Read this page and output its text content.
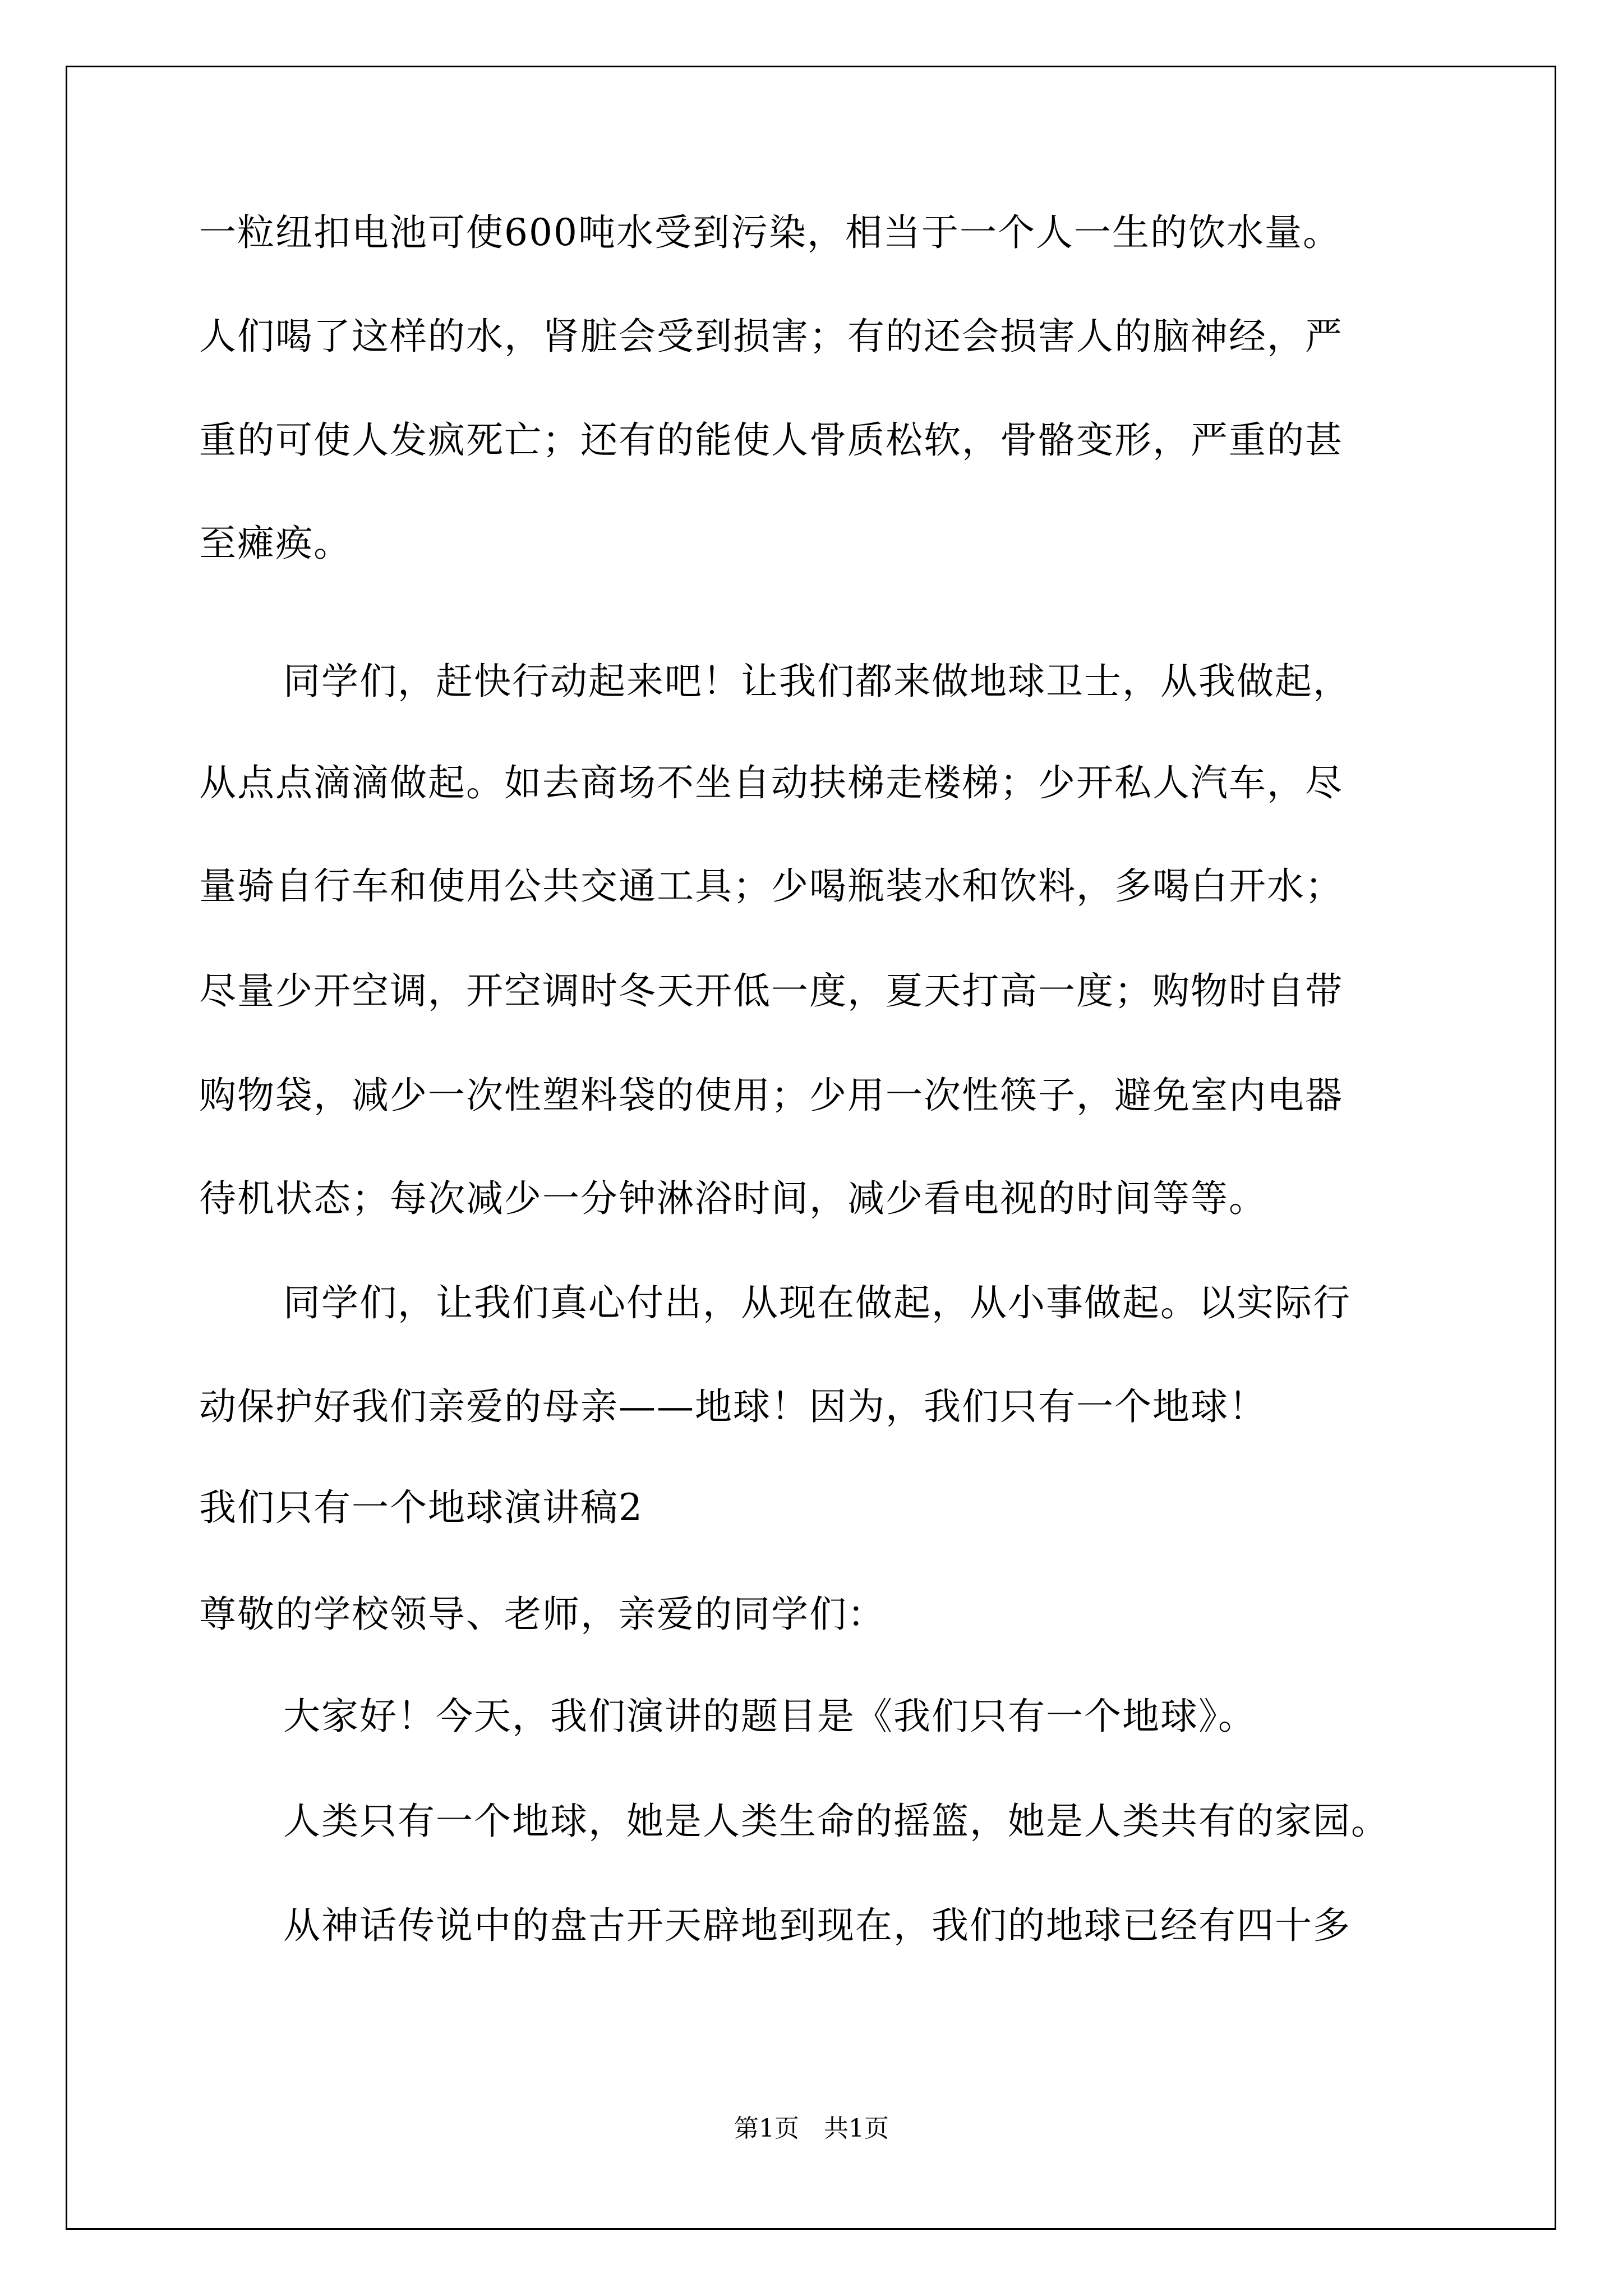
一粒纽扣电池可使600吨水受到污染，相当于一个人一生的饮水量。
人们喝了这样的水，肾脏会受到损害；有的还会损害人的脑神经，严
重的可使人发疯死亡；还有的能使人骨质松软，骨骼变形，严重的甚
至瘫痪。
同学们，赶快行动起来吧！让我们都来做地球卫士，从我做起，
从点点滴滴做起。如去商场不坐自动扶梯走楼梯；少开私人汽车，尽
量骑自行车和使用公共交通工具；少喝瓶装水和饮料，多喝白开水；
尽量少开空调，开空调时冬天开低一度，夏天打高一度；购物时自带
购物袋，减少一次性塑料袋的使用；少用一次性筷子，避免室内电器
待机状态；每次减少一分钟淋浴时间，减少看电视的时间等等。
同学们，让我们真心付出，从现在做起，从小事做起。以实际行
动保护好我们亲爱的母亲——地球！因为，我们只有一个地球！
我们只有一个地球演讲稿2
尊敬的学校领导、老师，亲爱的同学们：
大家好！今天，我们演讲的题目是《我们只有一个地球》。
人类只有一个地球，她是人类生命的摇篮，她是人类共有的家园。
从神话传说中的盘古开天辟地到现在，我们的地球已经有四十多
第1页 共1页
